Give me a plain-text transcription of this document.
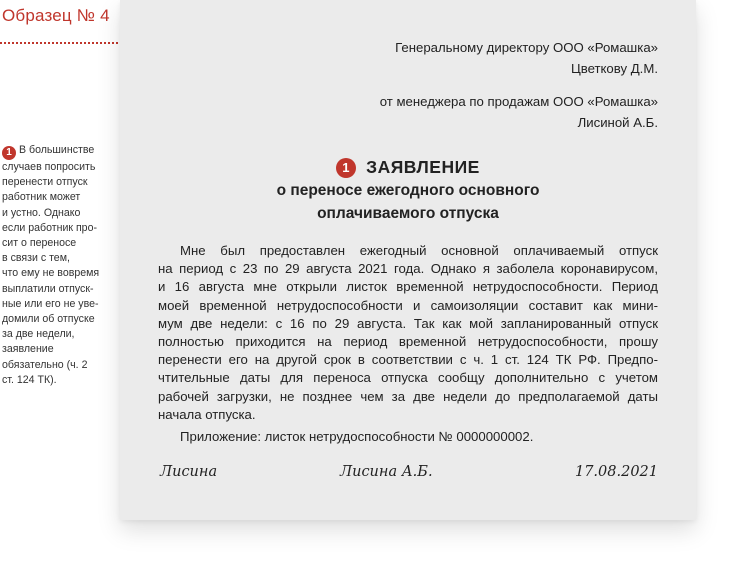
Образец № 4
1 В большинстве
случаев попросить
перенести отпуск
работник может
и устно. Однако
если работник про-
сит о переносе
в связи с тем,
что ему не вовремя
выплатили отпуск-
ные или его не уве-
домили об отпуске
за две недели,
заявление
обязательно (ч. 2
ст. 124 ТК).
Генеральному директору ООО «Ромашка»
Цветкову Д.М.
от менеджера по продажам ООО «Ромашка»
Лисиной А.Б.
1 ЗАЯВЛЕНИЕ
о переносе ежегодного основного
оплачиваемого отпуска
Мне был предоставлен ежегодный основной оплачиваемый отпуск
на период с 23 по 29 августа 2021 года. Однако я заболела коронавирусом,
и 16 августа мне открыли листок временной нетрудоспособности. Период
моей временной нетрудоспособности и самоизоляции составит как мини-
мум две недели: с 16 по 29 августа. Так как мой запланированный отпуск
полностью приходится на период временной нетрудоспособности, прошу
перенести его на другой срок в соответствии с ч. 1 ст. 124 ТК РФ. Предпо-
чтительные даты для переноса отпуска сообщу дополнительно с учетом
рабочей загрузки, не позднее чем за две недели до предполагаемой даты
начала отпуска.
Приложение: листок нетрудоспособности № 0000000002.
Лисина	Лисина А.Б.	17.08.2021
